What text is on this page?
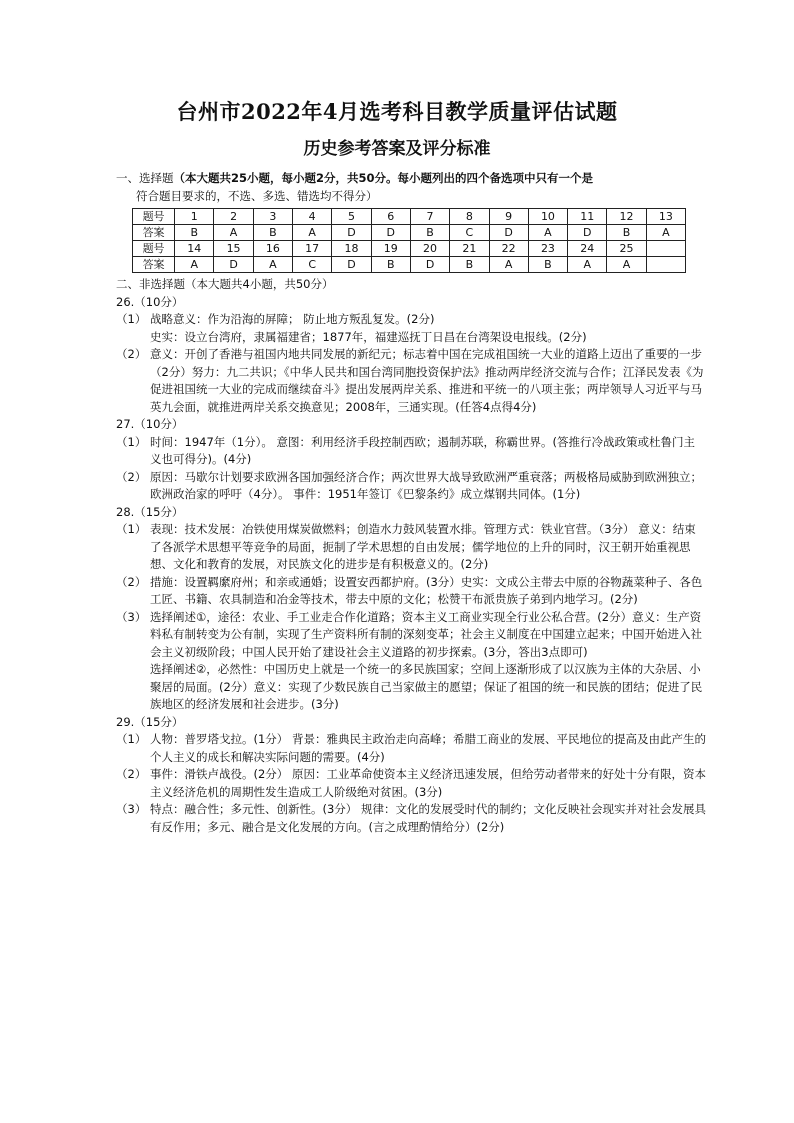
台州市2022年4月选考科目教学质量评估试题
历史参考答案及评分标准

一、选择题（本大题共25小题，每小题2分，共50分。每小题列出的四个备选项中只有一个是

符合题目要求的，不选、多选、错选均不得分）

题号	1	2	3	4	5	6	7	8	9	10	11	12	13
答案	B	A	B	A	D	D	B	C	D	A	D	B	A
题号	14	15	16	17	18	19	20	21	22	23	24	25	
答案	A	D	A	C	D	B	D	B	A	B	A	A	

二、非选择题（本大题共4小题，共50分）

26.（10分）

（1） 战略意义：作为沿海的屏障； 防止地方叛乱复发。(2分)

史实：设立台湾府，隶属福建省；1877年，福建巡抚丁日昌在台湾架设电报线。(2分)

（2） 意义：开创了香港与祖国内地共同发展的新纪元；标志着中国在完成祖国统一大业的道路上迈出了重要的一步（2分）努力：九二共识；《中华人民共和国台湾同胞投资保护法》推动两岸经济交流与合作；江泽民发表《为促进祖国统一大业的完成而继续奋斗》提出发展两岸关系、推进和平统一的八项主张；两岸领导人习近平与马英九会面，就推进两岸关系交换意见；2008年，三通实现。(任答4点得4分)

27.（10分）

（1） 时间：1947年（1分）。 意图：利用经济手段控制西欧；遏制苏联，称霸世界。(答推行冷战政策或杜鲁门主义也可得分)。(4分)
（2） 原因：马歇尔计划要求欧洲各国加强经济合作；两次世界大战导致欧洲严重衰落；两极格局威胁到欧洲独立；欧洲政治家的呼吁（4分）。 事件：1951年签订《巴黎条约》成立煤钢共同体。(1分)

28.（15分）

（1） 表现：技术发展：冶铁使用煤炭做燃料；创造水力鼓风装置水排。管理方式：铁业官营。（3分） 意义：结束了各派学术思想平等竞争的局面，扼制了学术思想的自由发展；儒学地位的上升的同时，汉王朝开始重视思想、文化和教育的发展，对民族文化的进步是有积极意义的。(2分)
（2） 措施：设置羁縻府州；和亲或通婚；设置安西都护府。(3分）史实：文成公主带去中原的谷物蔬菜种子、各色工匠、书籍、农具制造和冶金等技术，带去中原的文化；松赞干布派贵族子弟到内地学习。(2分)
（3） 选择阐述①，途径：农业、手工业走合作化道路；资本主义工商业实现全行业公私合营。(2分）意义：生产资料私有制转变为公有制，实现了生产资料所有制的深刻变革；社会主义制度在中国建立起来；中国开始进入社会主义初级阶段；中国人民开始了建设社会主义道路的初步探索。(3分，答出3点即可)

选择阐述②，必然性：中国历史上就是一个统一的多民族国家；空间上逐渐形成了以汉族为主体的大杂居、小聚居的局面。(2分）意义：实现了少数民族自己当家做主的愿望；保证了祖国的统一和民族的团结；促进了民族地区的经济发展和社会进步。(3分)

29.（15分）

（1） 人物：普罗塔戈拉。(1分） 背景：雅典民主政治走向高峰；希腊工商业的发展、平民地位的提高及由此产生的个人主义的成长和解决实际问题的需要。(4分)
（2） 事件：滑铁卢战役。(2分） 原因：工业革命使资本主义经济迅速发展，但给劳动者带来的好处十分有限，资本主义经济危机的周期性发生造成工人阶级绝对贫困。(3分)
（3） 特点：融合性；多元性、创新性。(3分） 规律：文化的发展受时代的制约；文化反映社会现实并对社会发展具有反作用；多元、融合是文化发展的方向。(言之成理酌情给分）(2分)
